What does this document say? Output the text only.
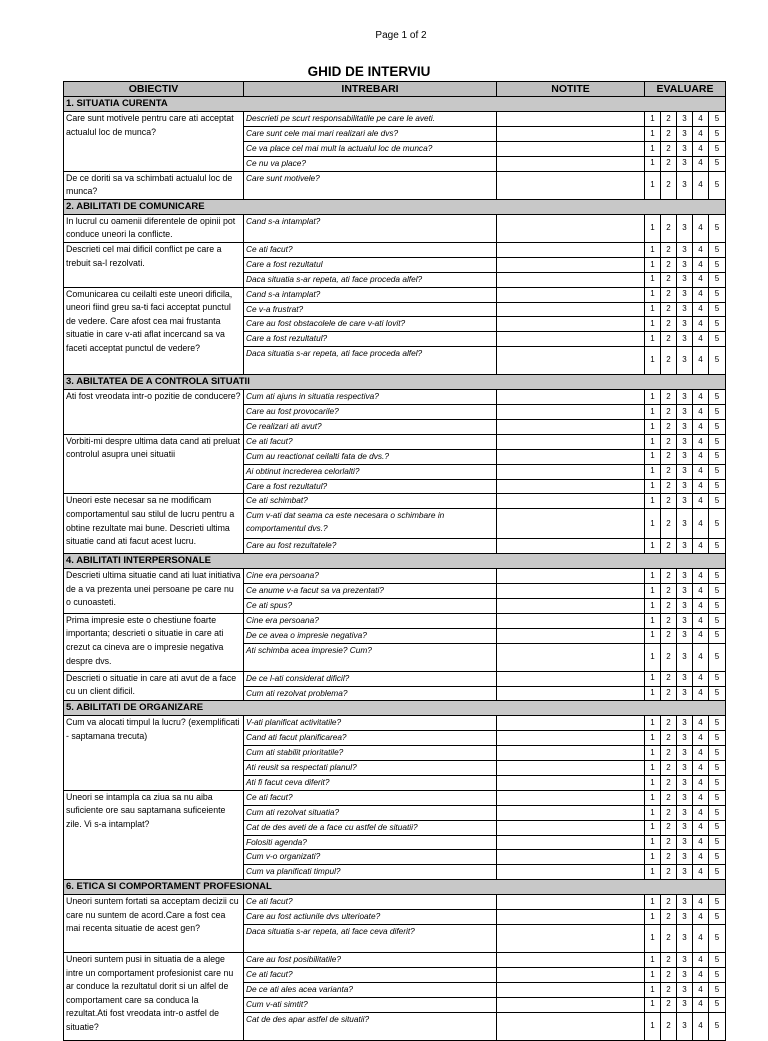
Page 1 of 2
GHID DE INTERVIU
OBIECTIV	INTREBARI	NOTITE	EVALUARE				
1. SITUATIA CURENTA							
Care sunt motivele pentru care ati acceptat actualul loc de munca?	Descrieti pe scurt responsabilitatile pe care le aveti.		1	2	3	4	5
	Care sunt cele mai mari realizari ale dvs?		1	2	3	4	5
	Ce va place cel mai mult la actualul loc de munca?		1	2	3	4	5
	Ce nu va place?		1	2	3	4	5
De ce doriti sa va schimbati actualul loc de munca?	Care sunt motivele?		1	2	3	4	5
2. ABILITATI DE COMUNICARE							
In lucrul cu oamenii diferentele de opinii pot conduce uneori la conflicte.	Cand s-a intamplat?		1	2	3	4	5
Descrieti cel mai dificil conflict pe care a trebuit sa-l rezolvati.	Ce ati facut?		1	2	3	4	5
	Care a fost rezultatul		1	2	3	4	5
	Daca situatia s-ar repeta, ati face proceda alfel?		1	2	3	4	5
Comunicarea cu ceilalti este uneori dificila, uneori fiind greu sa-ti faci acceptat punctul de vedere. Care afost cea mai frustanta situatie in care v-ati aflat incercand sa va faceti acceptat punctul de vedere?	Cand s-a intamplat?		1	2	3	4	5
	Ce v-a frustrat?		1	2	3	4	5
	Care au fost obstacolele de care v-ati lovit?		1	2	3	4	5
	Care a fost rezultatul?		1	2	3	4	5
	Daca situatia s-ar repeta, ati face proceda alfel?		1	2	3	4	5
3. ABILTATEA DE A CONTROLA SITUATII							
Ati fost vreodata intr-o pozitie de conducere?	Cum ati ajuns in situatia respectiva?		1	2	3	4	5
	Care au fost provocarile?		1	2	3	4	5
	Ce realizari ati avut?		1	2	3	4	5
Vorbiti-mi despre ultima data cand ati preluat controlul asupra unei situatii	Ce ati facut?		1	2	3	4	5
	Cum au reactionat ceilalti fata de dvs.?		1	2	3	4	5
	Ai obtinut increderea celorlalti?		1	2	3	4	5
	Care a fost rezultatul?		1	2	3	4	5
Uneori este necesar sa ne modificam comportamentul sau stilul de lucru pentru a obtine rezultate mai bune. Descrieti ultima situatie cand ati facut acest lucru.	Ce ati schimbat?		1	2	3	4	5
	Cum v-ati dat seama ca este necesara o schimbare in comportamentul dvs.?		1	2	3	4	5
	Care au fost rezultatele?		1	2	3	4	5
4. ABILITATI INTERPERSONALE							
Descrieti ultima situatie cand ati luat initiativa de a va prezenta unei persoane pe care nu o cunoasteti.	Cine era persoana?		1	2	3	4	5
	Ce anume v-a facut sa va prezentati?		1	2	3	4	5
	Ce ati spus?		1	2	3	4	5
Prima impresie este o chestiune foarte importanta; descrieti o situatie in care ati crezut ca cineva are o impresie negativa despre dvs.	Cine era persoana?		1	2	3	4	5
	De ce avea o impresie negativa?		1	2	3	4	5
	Ati schimba acea impresie? Cum?		1	2	3	4	5
Descrieti o situatie in care ati avut de a face cu un client dificil.	De ce l-ati considerat dificil?		1	2	3	4	5
	Cum ati rezolvat problema?		1	2	3	4	5
5. ABILITATI DE ORGANIZARE							
Cum va alocati timpul la lucru? (exemplificati - saptamana trecuta)	V-ati planificat activitatile?		1	2	3	4	5
	Cand ati facut planificarea?		1	2	3	4	5
	Cum ati stabilit prioritatile?		1	2	3	4	5
	Ati reusit sa respectati planul?		1	2	3	4	5
	Ati fi facut ceva diferit?		1	2	3	4	5
Uneori se intampla ca ziua sa nu aiba suficiente ore sau saptamana suficeiente zile. Vi s-a intamplat?	Ce ati facut?		1	2	3	4	5
	Cum ati rezolvat situatia?		1	2	3	4	5
	Cat de des aveti de a face cu astfel de situatii?		1	2	3	4	5
	Folositi agenda?		1	2	3	4	5
	Cum v-o organizati?		1	2	3	4	5
	Cum va planificati timpul?		1	2	3	4	5
6. ETICA SI COMPORTAMENT PROFESIONAL							
Uneori suntem fortati sa acceptam decizii cu care nu suntem de acord.Care a fost cea mai recenta situatie de acest gen?	Ce ati facut?		1	2	3	4	5
	Care au fost actiunile dvs ulterioate?		1	2	3	4	5
	Daca situatia s-ar repeta, ati face ceva diferit?		1	2	3	4	5
Uneori suntem pusi in situatia de a alege intre un comportament profesionist care nu ar conduce la rezultatul dorit si un alfel de comportament care sa conduca la rezultat.Ati fost vreodata intr-o astfel de situatie?	Care au fost posibilitatile?		1	2	3	4	5
	Ce ati facut?		1	2	3	4	5
	De ce ati ales acea varianta?		1	2	3	4	5
	Cum v-ati simtit?		1	2	3	4	5
	Cat de des apar astfel de situatii?		1	2	3	4	5
